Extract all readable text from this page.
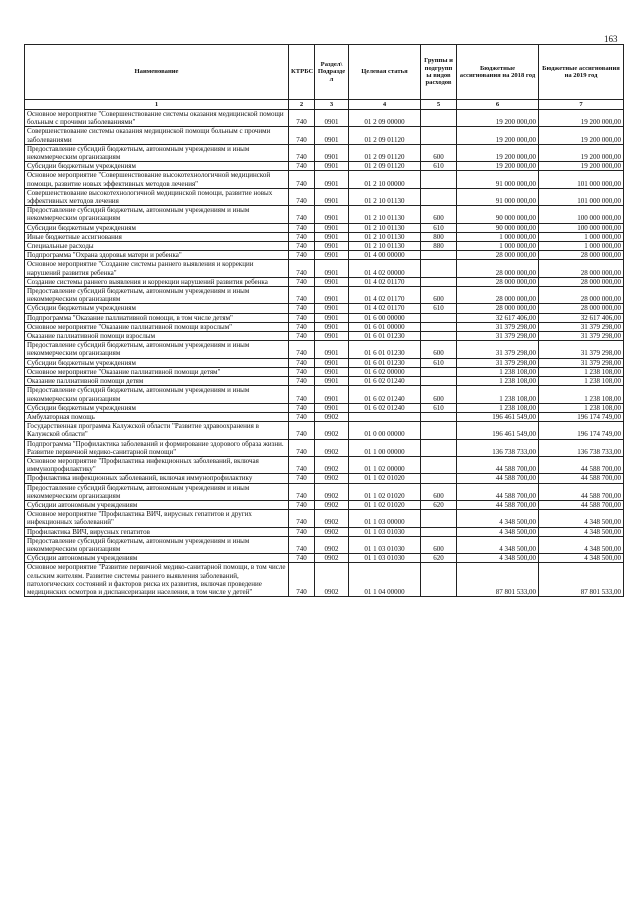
163
Наименование	КТРБС	Раздел\ Подразде л	Целевая статья	Группы и подгрупп ы видов расходов	Бюджетные ассигнования на 2018 год	Бюджетные ассигнования на 2019 год
1	2	3	4	5	6	7
Основное мероприятие "Совершенствование системы оказания медицинской помощи больным с прочими заболеваниями"	740	0901	01 2 09 00000		19 200 000,00	19 200 000,00
Совершенствование системы оказания медицинской помощи больным с прочими заболеваниями	740	0901	01 2 09 01120		19 200 000,00	19 200 000,00
Предоставление субсидий бюджетным, автономным учреждениям и иным некоммерческим организациям	740	0901	01 2 09 01120	600	19 200 000,00	19 200 000,00
Субсидии бюджетным учреждениям	740	0901	01 2 09 01120	610	19 200 000,00	19 200 000,00
Основное мероприятие "Совершенствование высокотехнологичной медицинской помощи, развитие новых эффективных методов лечения"	740	0901	01 2 10 00000		91 000 000,00	101 000 000,00
Совершенствование высокотехнологичной медицинской помощи, развитие новых эффективных методов лечения	740	0901	01 2 10 01130		91 000 000,00	101 000 000,00
Предоставление субсидий бюджетным, автономным учреждениям и иным некоммерческим организациям	740	0901	01 2 10 01130	600	90 000 000,00	100 000 000,00
Субсидии бюджетным учреждениям	740	0901	01 2 10 01130	610	90 000 000,00	100 000 000,00
Иные бюджетные ассигнования	740	0901	01 2 10 01130	800	1 000 000,00	1 000 000,00
Специальные расходы	740	0901	01 2 10 01130	880	1 000 000,00	1 000 000,00
Подпрограмма "Охрана здоровья матери и ребенка"	740	0901	01 4 00 00000		28 000 000,00	28 000 000,00
Основное мероприятие "Создание системы раннего выявления и коррекции нарушений развития ребенка"	740	0901	01 4 02 00000		28 000 000,00	28 000 000,00
Создание системы раннего выявления и коррекции нарушений развития ребенка	740	0901	01 4 02 01170		28 000 000,00	28 000 000,00
Предоставление субсидий бюджетным, автономным учреждениям и иным некоммерческим организациям	740	0901	01 4 02 01170	600	28 000 000,00	28 000 000,00
Субсидии бюджетным учреждениям	740	0901	01 4 02 01170	610	28 000 000,00	28 000 000,00
Подпрограмма "Оказание паллиативной помощи, в том числе детям"	740	0901	01 6 00 00000		32 617 406,00	32 617 406,00
Основное мероприятие "Оказание паллиативной помощи взрослым"	740	0901	01 6 01 00000		31 379 298,00	31 379 298,00
Оказание паллиативной помощи взрослым	740	0901	01 6 01 01230		31 379 298,00	31 379 298,00
Предоставление субсидий бюджетным, автономным учреждениям и иным некоммерческим организациям	740	0901	01 6 01 01230	600	31 379 298,00	31 379 298,00
Субсидии бюджетным учреждениям	740	0901	01 6 01 01230	610	31 379 298,00	31 379 298,00
Основное мероприятие "Оказание паллиативной помощи детям"	740	0901	01 6 02 00000		1 238 108,00	1 238 108,00
Оказание паллиативной помощи детям	740	0901	01 6 02 01240		1 238 108,00	1 238 108,00
Предоставление субсидий бюджетным, автономным учреждениям и иным некоммерческим организациям	740	0901	01 6 02 01240	600	1 238 108,00	1 238 108,00
Субсидии бюджетным учреждениям	740	0901	01 6 02 01240	610	1 238 108,00	1 238 108,00
Амбулаторная помощь	740	0902			196 461 549,00	196 174 749,00
Государственная программа Калужской области "Развитие здравоохранения в Калужской области"	740	0902	01 0 00 00000		196 461 549,00	196 174 749,00
Подпрограмма "Профилактика заболеваний и формирование здорового образа жизни. Развитие первичной медико-санитарной помощи"	740	0902	01 1 00 00000		136 738 733,00	136 738 733,00
Основное мероприятие "Профилактика инфекционных заболеваний, включая иммунопрофилактику"	740	0902	01 1 02 00000		44 588 700,00	44 588 700,00
Профилактика инфекционных заболеваний, включая иммунопрофилактику	740	0902	01 1 02 01020		44 588 700,00	44 588 700,00
Предоставление субсидий бюджетным, автономным учреждениям и иным некоммерческим организациям	740	0902	01 1 02 01020	600	44 588 700,00	44 588 700,00
Субсидии автономным учреждениям	740	0902	01 1 02 01020	620	44 588 700,00	44 588 700,00
Основное мероприятие "Профилактика ВИЧ, вирусных гепатитов и других инфекционных заболеваний"	740	0902	01 1 03 00000		4 348 500,00	4 348 500,00
Профилактика ВИЧ, вирусных гепатитов	740	0902	01 1 03 01030		4 348 500,00	4 348 500,00
Предоставление субсидий бюджетным, автономным учреждениям и иным некоммерческим организациям	740	0902	01 1 03 01030	600	4 348 500,00	4 348 500,00
Субсидии автономным учреждениям	740	0902	01 1 03 01030	620	4 348 500,00	4 348 500,00
Основное мероприятие "Развитие первичной медико-санитарной помощи, в том числе сельским жителям. Развитие системы раннего выявления заболеваний, патологических состояний и факторов риска их развития, включая проведение медицинских осмотров и диспансеризации населения, в том числе у детей"	740	0902	01 1 04 00000		87 801 533,00	87 801 533,00
